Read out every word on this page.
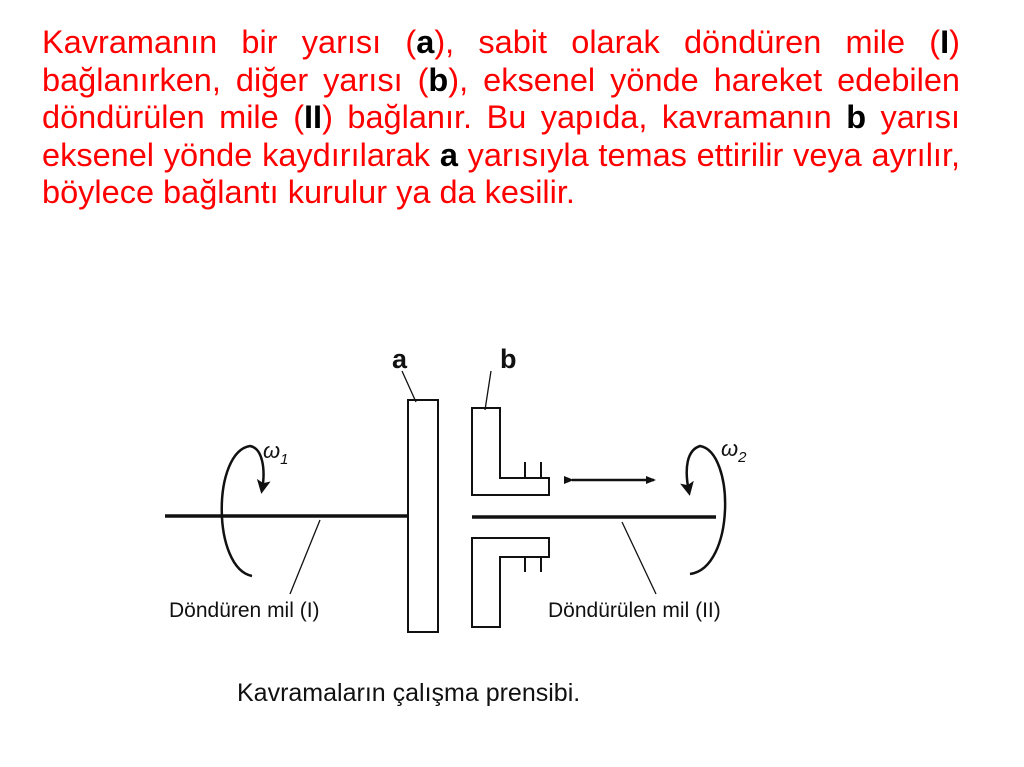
Kavramanın bir yarısı (a), sabit olarak döndüren mile (I) bağlanırken, diğer yarısı (b), eksenel yönde hareket edebilen döndürülen mile (II) bağlanır. Bu yapıda, kavramanın b yarısı eksenel yönde kaydırılarak a yarısıyla temas ettirilir veya ayrılır, böylece bağlantı kurulur ya da kesilir.

a	b
$\omega_1$	$\omega_2$
Döndüren mil (I)	Döndürülen mil (II)
Kavramaların çalışma prensibi.
